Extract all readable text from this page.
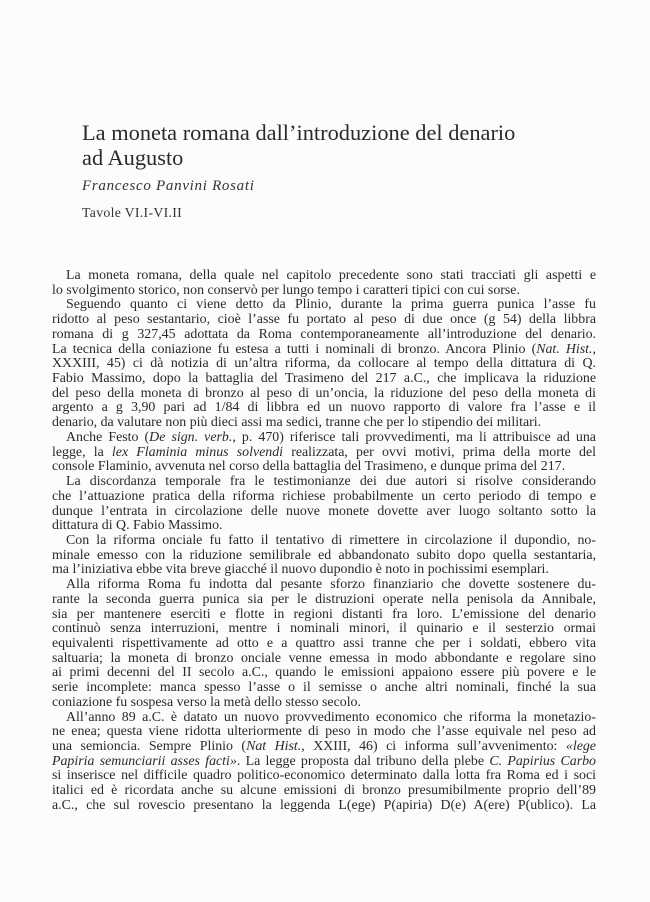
La moneta romana dall’introduzione del denario
ad Augusto
Francesco Panvini Rosati
Tavole VI.I-VI.II
La moneta romana, della quale nel capitolo precedente sono stati tracciati gli aspetti e
lo svolgimento storico, non conservò per lungo tempo i caratteri tipici con cui sorse.
Seguendo quanto ci viene detto da Plinio, durante la prima guerra punica l’asse fu
ridotto al peso sestantario, cioè l’asse fu portato al peso di due once (g 54) della libbra
romana di g 327,45 adottata da Roma contemporaneamente all’introduzione del denario.
La tecnica della coniazione fu estesa a tutti i nominali di bronzo. Ancora Plinio (Nat. Hist.,
XXXIII, 45) ci dà notizia di un’altra riforma, da collocare al tempo della dittatura di Q.
Fabio Massimo, dopo la battaglia del Trasimeno del 217 a.C., che implicava la riduzione
del peso della moneta di bronzo al peso di un’oncia, la riduzione del peso della moneta di
argento a g 3,90 pari ad 1/84 di libbra ed un nuovo rapporto di valore fra l’asse e il
denario, da valutare non più dieci assi ma sedici, tranne che per lo stipendio dei militari.
Anche Festo (De sign. verb., p. 470) riferisce tali provvedimenti, ma li attribuisce ad una
legge, la lex Flaminia minus solvendi realizzata, per ovvi motivi, prima della morte del
console Flaminio, avvenuta nel corso della battaglia del Trasimeno, e dunque prima del 217.
La discordanza temporale fra le testimonianze dei due autori si risolve considerando
che l’attuazione pratica della riforma richiese probabilmente un certo periodo di tempo e
dunque l’entrata in circolazione delle nuove monete dovette aver luogo soltanto sotto la
dittatura di Q. Fabio Massimo.
Con la riforma onciale fu fatto il tentativo di rimettere in circolazione il dupondio, no-
minale emesso con la riduzione semilibrale ed abbandonato subito dopo quella sestantaria,
ma l’iniziativa ebbe vita breve giacché il nuovo dupondio è noto in pochissimi esemplari.
Alla riforma Roma fu indotta dal pesante sforzo finanziario che dovette sostenere du-
rante la seconda guerra punica sia per le distruzioni operate nella penisola da Annibale,
sia per mantenere eserciti e flotte in regioni distanti fra loro. L’emissione del denario
continuò senza interruzioni, mentre i nominali minori, il quinario e il sesterzio ormai
equivalenti rispettivamente ad otto e a quattro assi tranne che per i soldati, ebbero vita
saltuaria; la moneta di bronzo onciale venne emessa in modo abbondante e regolare sino
ai primi decenni del II secolo a.C., quando le emissioni appaiono essere più povere e le
serie incomplete: manca spesso l’asse o il semisse o anche altri nominali, finché la sua
coniazione fu sospesa verso la metà dello stesso secolo.
All’anno 89 a.C. è datato un nuovo provvedimento economico che riforma la monetazio-
ne enea; questa viene ridotta ulteriormente di peso in modo che l’asse equivale nel peso ad
una semioncia. Sempre Plinio (Nat Hist., XXIII, 46) ci informa sull’avvenimento: «lege
Papiria semunciarii asses facti». La legge proposta dal tribuno della plebe C. Papirius Carbo
si inserisce nel difficile quadro politico-economico determinato dalla lotta fra Roma ed i soci
italici ed è ricordata anche su alcune emissioni di bronzo presumibilmente proprio dell’89
a.C., che sul rovescio presentano la leggenda L(ege) P(apiria) D(e) A(ere) P(ublico). La
